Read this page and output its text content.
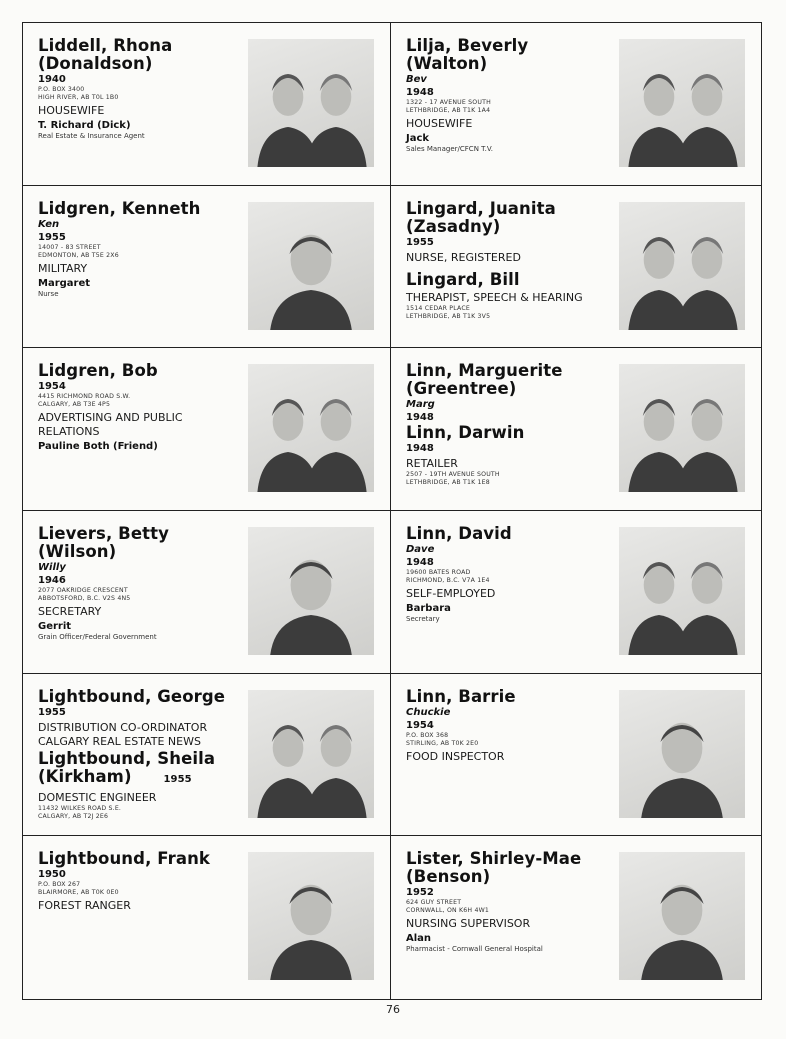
Liddell, Rhona (Donaldson)
1940
P.O. BOX 3400
HIGH RIVER, AB T0L 1B0
HOUSEWIFE
T. Richard (Dick)
Real Estate & Insurance Agent
Lilja, Beverly (Walton)
Bev
1948
1322 - 17 AVENUE SOUTH
LETHBRIDGE, AB T1K 1A4
HOUSEWIFE
Jack
Sales Manager/CFCN T.V.
Lidgren, Kenneth
Ken
1955
14007 - 83 STREET
EDMONTON, AB T5E 2X6
MILITARY
Margaret
Nurse
Lingard, Juanita (Zasadny)
1955
NURSE, REGISTERED
Lingard, Bill
THERAPIST, SPEECH & HEARING
1514 CEDAR PLACE
LETHBRIDGE, AB T1K 3V5
Lidgren, Bob
1954
4415 RICHMOND ROAD S.W.
CALGARY, AB T3E 4P5
ADVERTISING AND PUBLIC RELATIONS
Pauline Both (Friend)
Linn, Marguerite (Greentree)
Marg
1948
Linn, Darwin
1948
RETAILER
2507 - 19TH AVENUE SOUTH
LETHBRIDGE, AB T1K 1E8
Lievers, Betty (Wilson)
Willy
1946
2077 OAKRIDGE CRESCENT
ABBOTSFORD, B.C. V2S 4N5
SECRETARY
Gerrit
Grain Officer/Federal Government
Linn, David
Dave
1948
19600 BATES ROAD
RICHMOND, B.C. V7A 1E4
SELF-EMPLOYED
Barbara
Secretary
Lightbound, George
1955
DISTRIBUTION CO-ORDINATOR
CALGARY REAL ESTATE NEWS
Lightbound, Sheila (Kirkham)	1955
DOMESTIC ENGINEER
11432 WILKES ROAD S.E.
CALGARY, AB T2J 2E6
Linn, Barrie
Chuckie
1954
P.O. BOX 368
STIRLING, AB T0K 2E0
FOOD INSPECTOR
Lightbound, Frank
1950
P.O. BOX 267
BLAIRMORE, AB T0K 0E0
FOREST RANGER
Lister, Shirley-Mae (Benson)
1952
624 GUY STREET
CORNWALL, ON K6H 4W1
NURSING SUPERVISOR
Alan
Pharmacist - Cornwall General Hospital
76
